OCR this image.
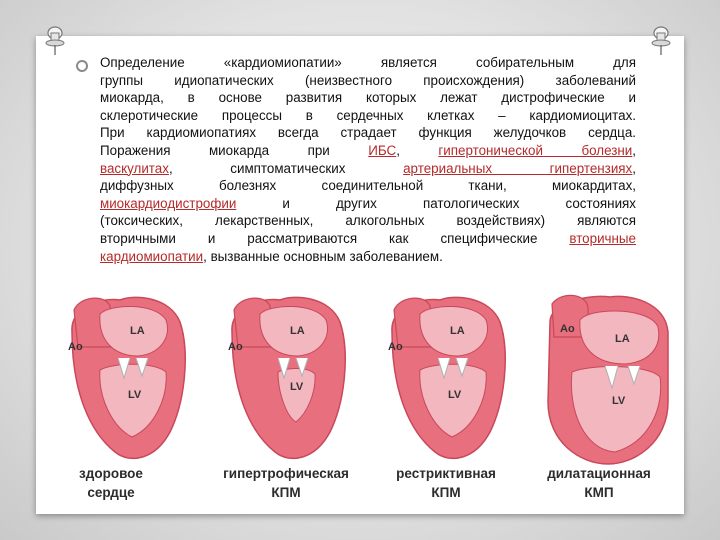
Определение «кардиомиопатии» является собирательным для

группы идиопатических (неизвестного происхождения) заболеваний

миокарда, в основе развития которых лежат дистрофические и

склеротические процессы в сердечных клетках – кардиомиоцитах.

При кардиомиопатиях всегда страдает функция желудочков сердца.

Поражения миокарда при ИБС, гипертонической болезни,

васкулитах, симптоматических артериальных гипертензиях,

диффузных болезнях соединительной ткани, миокардитах,

миокардиодистрофии и других патологических состояниях

(токсических, лекарственных, алкогольных воздействиях) являются

вторичными и рассматриваются как специфические вторичные

кардиомиопатии, вызванные основным заболеванием.

Ao
LA
LV
Ao
LA
LV
Ao
LA
LV
Ao
LA
LV
здоровое
сердце
гипертрофическая
КПМ
рестриктивная
КПМ
дилатационная
КМП
